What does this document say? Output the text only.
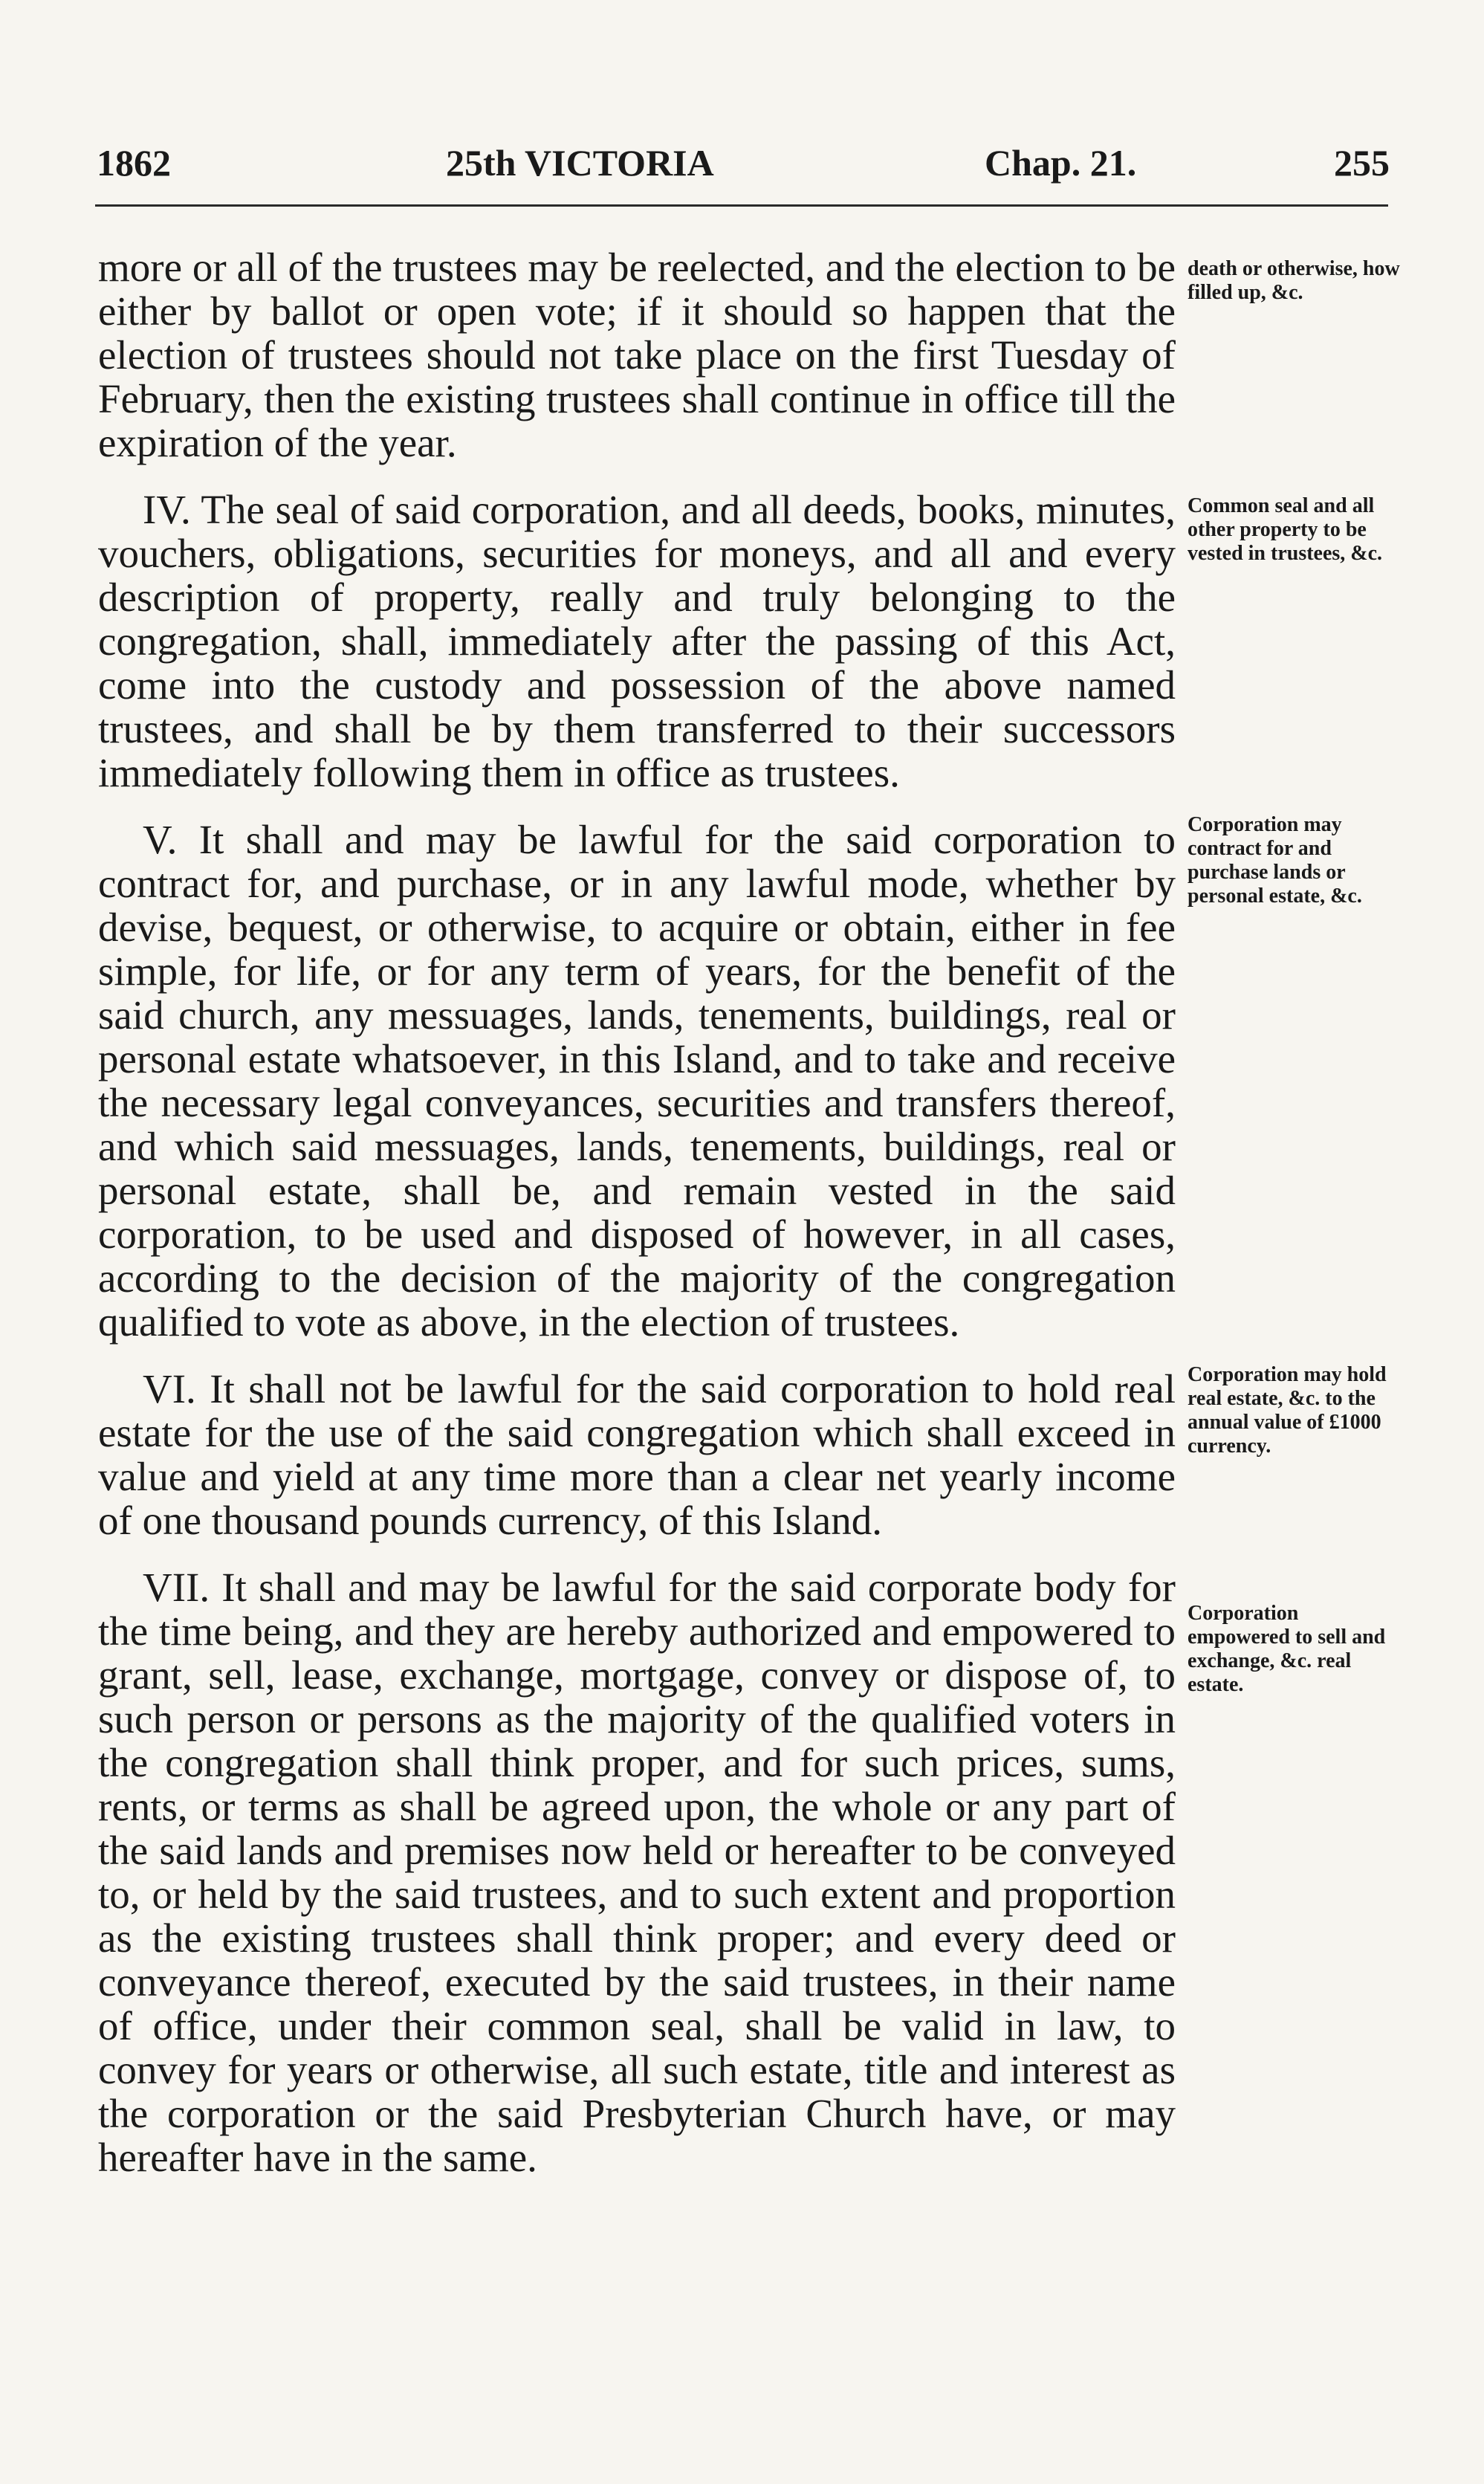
1862	25th VICTORIA	Chap. 21.	255

more or all of the trustees may be reelected, and the election to be either by ballot or open vote; if it should so happen that the election of trustees should not take place on the first Tuesday of February, then the existing trustees shall continue in office till the expiration of the year.

IV. The seal of said corporation, and all deeds, books, minutes, vouchers, obligations, securities for moneys, and all and every description of property, really and truly belonging to the congregation, shall, immediately after the passing of this Act, come into the custody and possession of the above named trustees, and shall be by them transferred to their successors immediately following them in office as trustees.

V. It shall and may be lawful for the said corporation to contract for, and purchase, or in any lawful mode, whether by devise, bequest, or otherwise, to acquire or obtain, either in fee simple, for life, or for any term of years, for the benefit of the said church, any messuages, lands, tenements, buildings, real or personal estate whatsoever, in this Island, and to take and receive the necessary legal conveyances, securities and transfers thereof, and which said messuages, lands, tenements, buildings, real or personal estate, shall be, and remain vested in the said corporation, to be used and disposed of however, in all cases, according to the decision of the majority of the congregation qualified to vote as above, in the election of trustees.

VI. It shall not be lawful for the said corporation to hold real estate for the use of the said congregation which shall exceed in value and yield at any time more than a clear net yearly income of one thousand pounds currency, of this Island.

VII. It shall and may be lawful for the said corporate body for the time being, and they are hereby authorized and empowered to grant, sell, lease, exchange, mortgage, convey or dispose of, to such person or persons as the majority of the qualified voters in the congregation shall think proper, and for such prices, sums, rents, or terms as shall be agreed upon, the whole or any part of the said lands and premises now held or hereafter to be conveyed to, or held by the said trustees, and to such extent and proportion as the existing trustees shall think proper; and every deed or conveyance thereof, executed by the said trustees, in their name of office, under their common seal, shall be valid in law, to convey for years or otherwise, all such estate, title and interest as the corporation or the said Presbyterian Church have, or may hereafter have in the same.

death or otherwise, how filled up, &c.
Common seal and all other property to be vested in trustees, &c.
Corporation may contract for and purchase lands or personal estate, &c.
Corporation may hold real estate, &c. to the annual value of £1000 currency.
Corporation empowered to sell and exchange, &c. real estate.
